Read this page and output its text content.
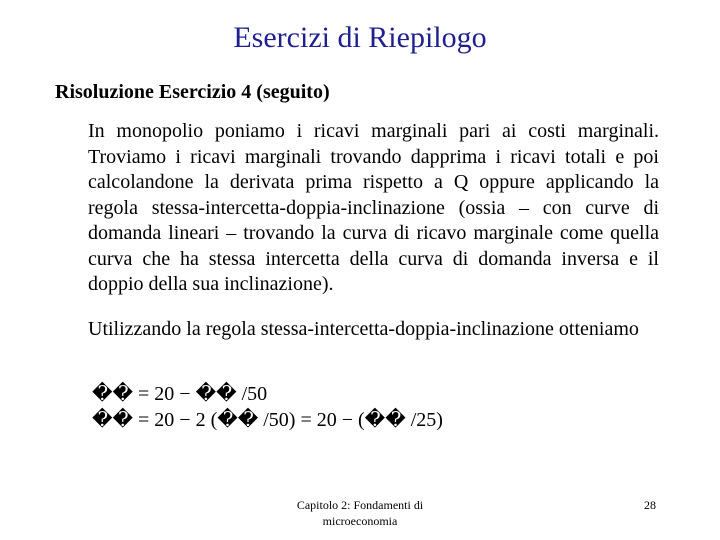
Esercizi di Riepilogo
Risoluzione Esercizio 4 (seguito)
In monopolio poniamo i ricavi marginali pari ai costi marginali. Troviamo i ricavi marginali trovando dapprima i ricavi totali e poi calcolandone la derivata prima rispetto a Q oppure applicando la regola stessa-intercetta-doppia-inclinazione (ossia – con curve di domanda lineari – trovando la curva di ricavo marginale come quella curva che ha stessa intercetta della curva di domanda inversa e il doppio della sua inclinazione).
Utilizzando la regola stessa-intercetta-doppia-inclinazione otteniamo
�� = 20 − �� /50
�� = 20 − 2 (�� /50) = 20 − (�� /25)
Capitolo 2: Fondamenti di microeconomia
28
